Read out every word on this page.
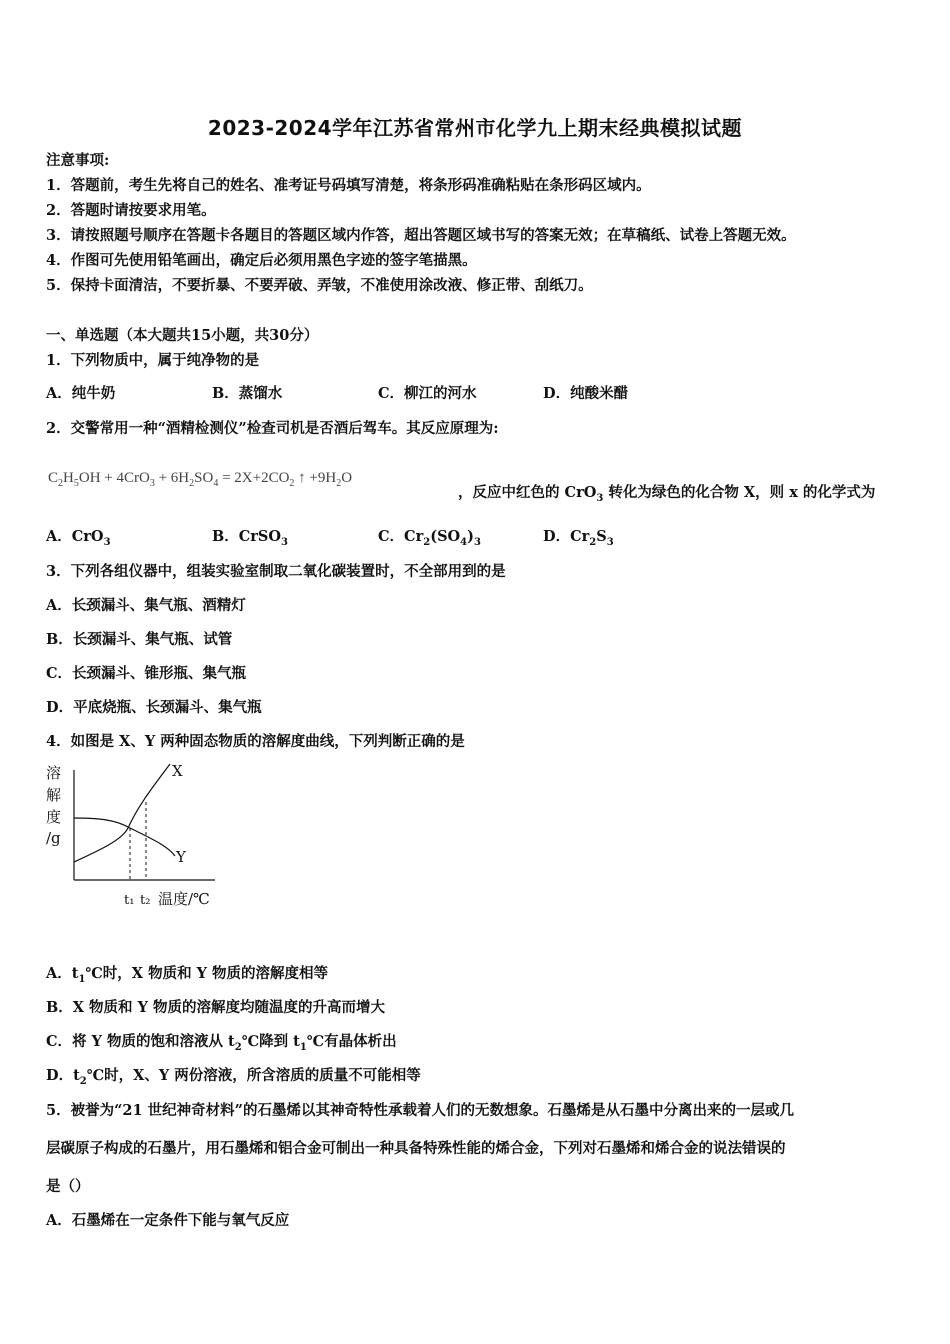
2023-2024学年江苏省常州市化学九上期末经典模拟试题
注意事项:
1．答题前，考生先将自己的姓名、准考证号码填写清楚，将条形码准确粘贴在条形码区域内。
2．答题时请按要求用笔。
3．请按照题号顺序在答题卡各题目的答题区域内作答，超出答题区域书写的答案无效；在草稿纸、试卷上答题无效。
4．作图可先使用铅笔画出，确定后必须用黑色字迹的签字笔描黑。
5．保持卡面清洁，不要折暴、不要弄破、弄皱，不准使用涂改液、修正带、刮纸刀。
一、单选题（本大题共15小题，共30分）
1．下列物质中，属于纯净物的是
A．纯牛奶	B．蒸馏水	C．柳江的河水	D．纯酸米醋
2．交警常用一种“酒精检测仪”检查司机是否酒后驾车。其反应原理为:
$C_2H_5OH + 4CrO_3 + 6H_2SO_4 = 2X+2CO_2$ ↑ $+9H_2O$
，反应中红色的 CrO$_3$ 转化为绿色的化合物 X，则 x 的化学式为
A．CrO$_3$	B．CrSO$_3$	C．$Cr_2(SO_4)_3$	D．$Cr_2S_3$
3．下列各组仪器中，组装实验室制取二氧化碳装置时，不全部用到的是
A．长颈漏斗、集气瓶、酒精灯
B．长颈漏斗、集气瓶、试管
C．长颈漏斗、锥形瓶、集气瓶
D．平底烧瓶、长颈漏斗、集气瓶
4．如图是 X、Y 两种固态物质的溶解度曲线，下列判断正确的是
溶
解
度
/g
X
Y
t₁ t₂ 温度/℃
A．$t_1℃$时，X 物质和 Y 物质的溶解度相等
B．X 物质和 Y 物质的溶解度均随温度的升高而增大
C．将 Y 物质的饱和溶液从 $t_2℃$降到 $t_1℃$有晶体析出
D．$t_2℃$时，X、Y 两份溶液，所含溶质的质量不可能相等
5．被誉为“21 世纪神奇材料”的石墨烯以其神奇特性承载着人们的无数想象。石墨烯是从石墨中分离出来的一层或几
层碳原子构成的石墨片，用石墨烯和铝合金可制出一种具备特殊性能的烯合金，下列对石墨烯和烯合金的说法错误的
是（）
A．石墨烯在一定条件下能与氧气反应
